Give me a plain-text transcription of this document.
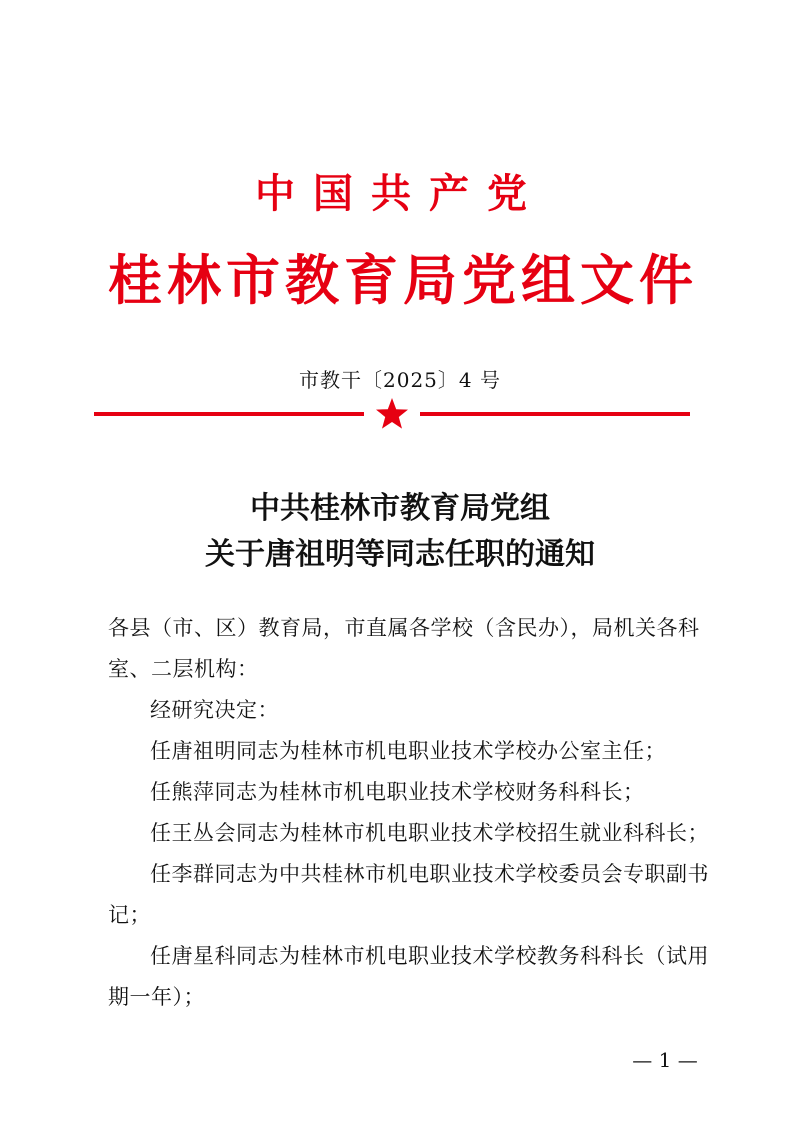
中国共产党
桂林市教育局党组文件
市教干〔2025〕4 号
中共桂林市教育局党组
关于唐祖明等同志任职的通知

各县（市、区）教育局，市直属各学校（含民办），局机关各科室、二层机构：

经研究决定：

任唐祖明同志为桂林市机电职业技术学校办公室主任；

任熊萍同志为桂林市机电职业技术学校财务科科长；

任王丛会同志为桂林市机电职业技术学校招生就业科科长；

任李群同志为中共桂林市机电职业技术学校委员会专职副书记；

任唐星科同志为桂林市机电职业技术学校教务科科长（试用期一年）；

— 1 —
